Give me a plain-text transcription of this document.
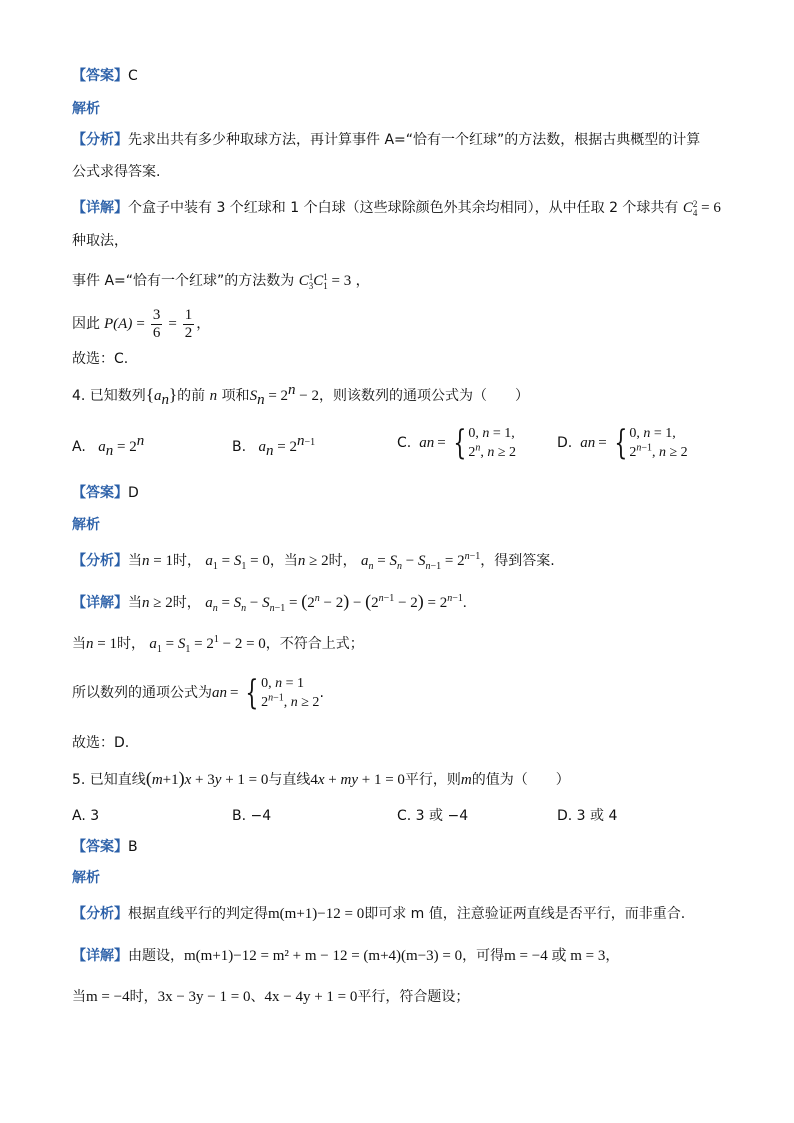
【答案】C
解析
【分析】先求出共有多少种取球方法，再计算事件 A=“恰有一个红球”的方法数，根据古典概型的计算
公式求得答案.
【详解】个盒子中装有 3 个红球和 1 个白球（这些球除颜色外其余均相同），从中任取 2 个球共有 C 2
4 = 6
种取法，
事件 A=“恰有一个红球”的方法数为 C 1
3 C 1
1 = 3 ，
因此 $P(A) = \frac{3}{6} = \frac{1}{2}$ ，
故选：C.
4. 已知数列$\{a_n\}$的前 n 项和$S_n = 2^n - 2$，则该数列的通项公式为（　　）
A. $a_n = 2^n$	B. $a_n = 2^{n-1}$	C. a n = { 0, n = 1,
2$^n$, n ≥ 2
D. a n = { 0, n = 1,
$2^{n-1}$, n ≥ 2
【答案】D
解析
【分析】当n = 1时， $a_1 = S_1 = 0$，当n ≥ 2时， $a_n = S_n - S_{n-1} = 2^{n-1}$，得到答案.
【详解】当n ≥ 2时， $a_n = S_n - S_{n-1} = (2^n - 2) - (2^{n-1} - 2) = 2^{n-1}$.
当n = 1时， $a_1 = S_1 = 2^1 - 2 = 0$，不符合上式；
所以数列的通项公式为 a n = { 0, n = 1
$2^{n-1}$, n ≥ 2
.
故选：D.
5. 已知直线(m+1)x + 3y + 1 = 0与直线4x + my + 1 = 0平行，则m的值为（　　）
A. 3	B. −4	C. 3 或 −4	D. 3 或 4
【答案】B
解析
【分析】根据直线平行的判定得m(m+1)−12 = 0即可求 m 值，注意验证两直线是否平行，而非重合.
【详解】由题设，m(m+1)−12 = m² + m − 12 = (m+4)(m−3) = 0，可得m = −4 或 m = 3，
当m = −4时，3x − 3y − 1 = 0、4x − 4y + 1 = 0平行，符合题设；
